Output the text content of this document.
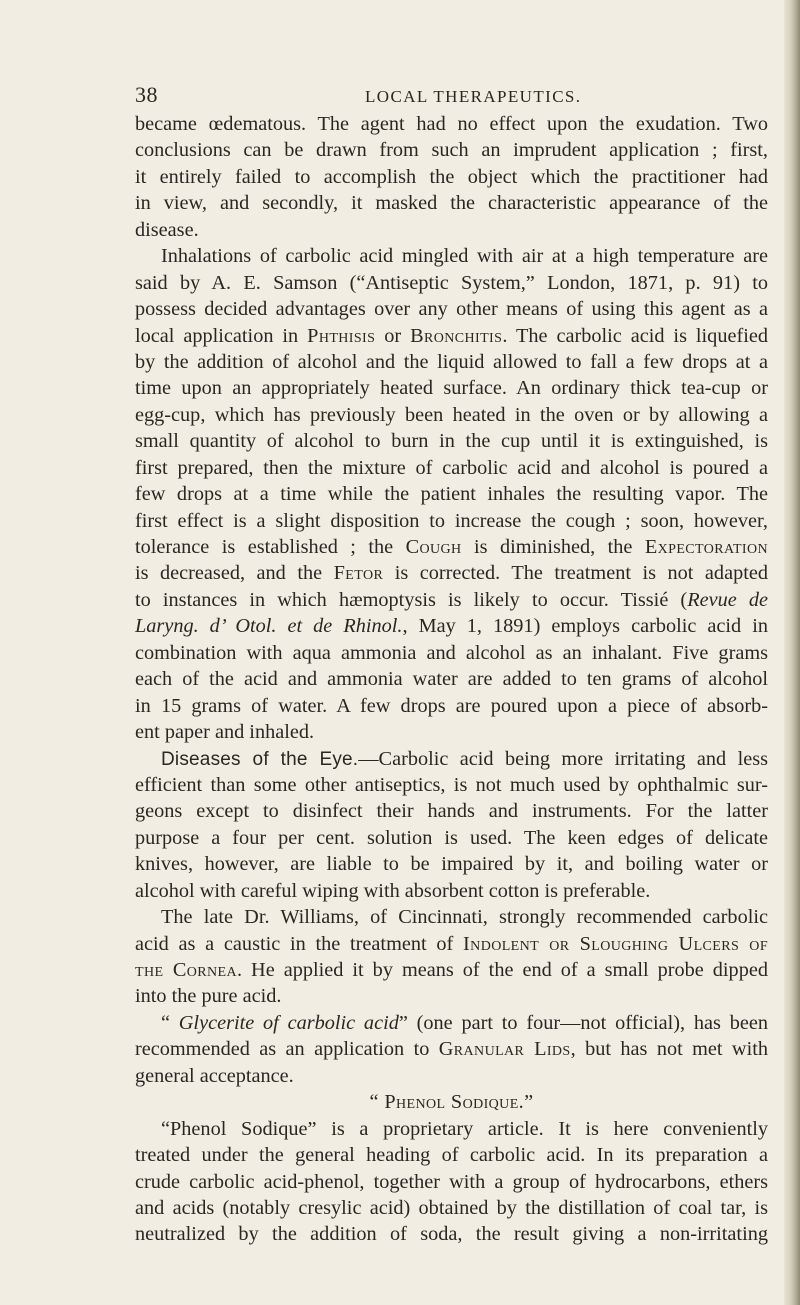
38	LOCAL THERAPEUTICS.
became œdematous. The agent had no effect upon the exudation. Two
conclusions can be drawn from such an imprudent application ; first,
it entirely failed to accomplish the object which the practitioner had
in view, and secondly, it masked the characteristic appearance of the
disease.
Inhalations of carbolic acid mingled with air at a high temperature are
said by A. E. Samson (“Antiseptic System,” London, 1871, p. 91) to
possess decided advantages over any other means of using this agent as a
local application in Phthisis or Bronchitis. The carbolic acid is liquefied
by the addition of alcohol and the liquid allowed to fall a few drops at a
time upon an appropriately heated surface. An ordinary thick tea-cup or
egg-cup, which has previously been heated in the oven or by allowing a
small quantity of alcohol to burn in the cup until it is extinguished, is
first prepared, then the mixture of carbolic acid and alcohol is poured a
few drops at a time while the patient inhales the resulting vapor. The
first effect is a slight disposition to increase the cough ; soon, however,
tolerance is established ; the Cough is diminished, the Expectoration
is decreased, and the Fetor is corrected. The treatment is not adapted
to instances in which hæmoptysis is likely to occur. Tissié (Revue de
Laryng. d’ Otol. et de Rhinol., May 1, 1891) employs carbolic acid in
combination with aqua ammonia and alcohol as an inhalant. Five grams
each of the acid and ammonia water are added to ten grams of alcohol
in 15 grams of water. A few drops are poured upon a piece of absorb-
ent paper and inhaled.
Diseases of the Eye.—Carbolic acid being more irritating and less
efficient than some other antiseptics, is not much used by ophthalmic sur-
geons except to disinfect their hands and instruments. For the latter
purpose a four per cent. solution is used. The keen edges of delicate
knives, however, are liable to be impaired by it, and boiling water or
alcohol with careful wiping with absorbent cotton is preferable.
The late Dr. Williams, of Cincinnati, strongly recommended carbolic
acid as a caustic in the treatment of Indolent or Sloughing Ulcers of
the Cornea. He applied it by means of the end of a small probe dipped
into the pure acid.
“ Glycerite of carbolic acid” (one part to four—not official), has been
recommended as an application to Granular Lids, but has not met with
general acceptance.
“ Phenol Sodique.”
“Phenol Sodique” is a proprietary article. It is here conveniently
treated under the general heading of carbolic acid. In its preparation a
crude carbolic acid-phenol, together with a group of hydrocarbons, ethers
and acids (notably cresylic acid) obtained by the distillation of coal tar, is
neutralized by the addition of soda, the result giving a non-irritating
